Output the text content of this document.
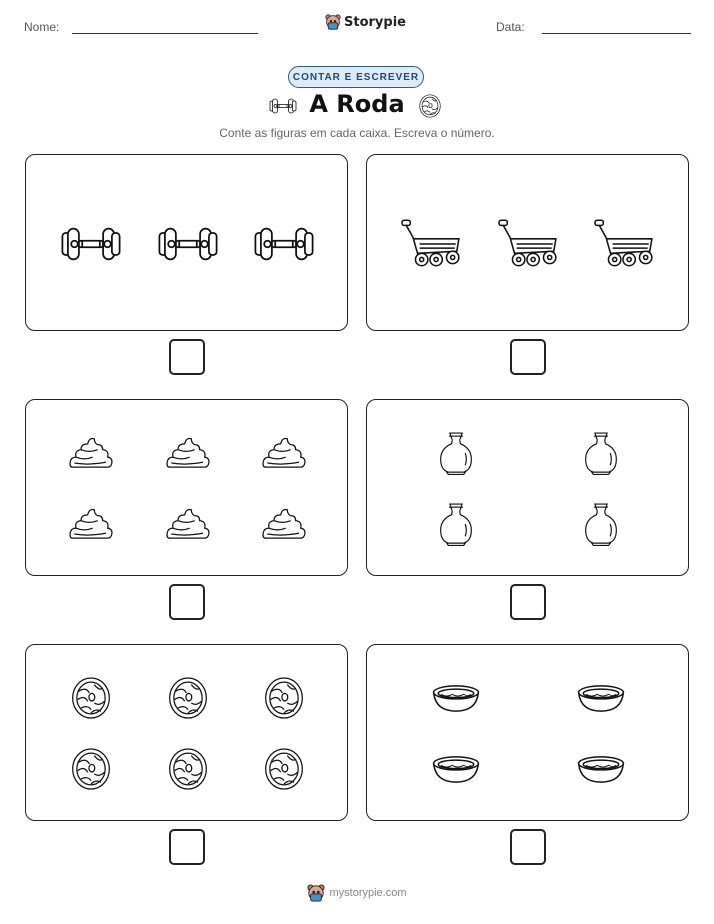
Nome:	Storypie	Data:
CONTAR E ESCREVER
A Roda
Conte as figuras em cada caixa. Escreva o número.
mystorypie.com
